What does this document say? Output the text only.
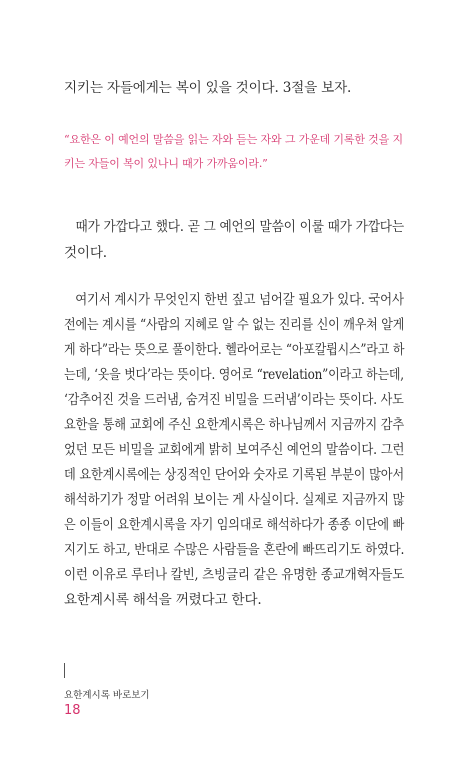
지키는 자들에게는 복이 있을 것이다. 3절을 보자.
“요한은 이 예언의 말씀을 읽는 자와 듣는 자와 그 가운데 기록한 것을 지
키는 자들이 복이 있나니 때가 가까움이라.”
때가 가깝다고 했다. 곧 그 예언의 말씀이 이룰 때가 가깝다는
것이다.
여기서 계시가 무엇인지 한번 짚고 넘어갈 필요가 있다. 국어사
전에는 계시를 “사람의 지혜로 알 수 없는 진리를 신이 깨우쳐 알게
게 하다”라는 뜻으로 풀이한다. 헬라어로는 “아포칼륍시스”라고 하
는데, ‘옷을 벗다’라는 뜻이다. 영어로 “revelation”이라고 하는데,
‘감추어진 것을 드러냄, 숨겨진 비밀을 드러냄’이라는 뜻이다. 사도
요한을 통해 교회에 주신 요한계시록은 하나님께서 지금까지 감추
었던 모든 비밀을 교회에게 밝히 보여주신 예언의 말씀이다. 그런
데 요한계시록에는 상징적인 단어와 숫자로 기록된 부분이 많아서
해석하기가 정말 어려워 보이는 게 사실이다. 실제로 지금까지 많
은 이들이 요한계시록을 자기 임의대로 해석하다가 종종 이단에 빠
지기도 하고, 반대로 수많은 사람들을 혼란에 빠뜨리기도 하였다.
이런 이유로 루터나 칼빈, 츠빙글리 같은 유명한 종교개혁자들도
요한계시록 해석을 꺼렸다고 한다.
요한계시록 바로보기
18
